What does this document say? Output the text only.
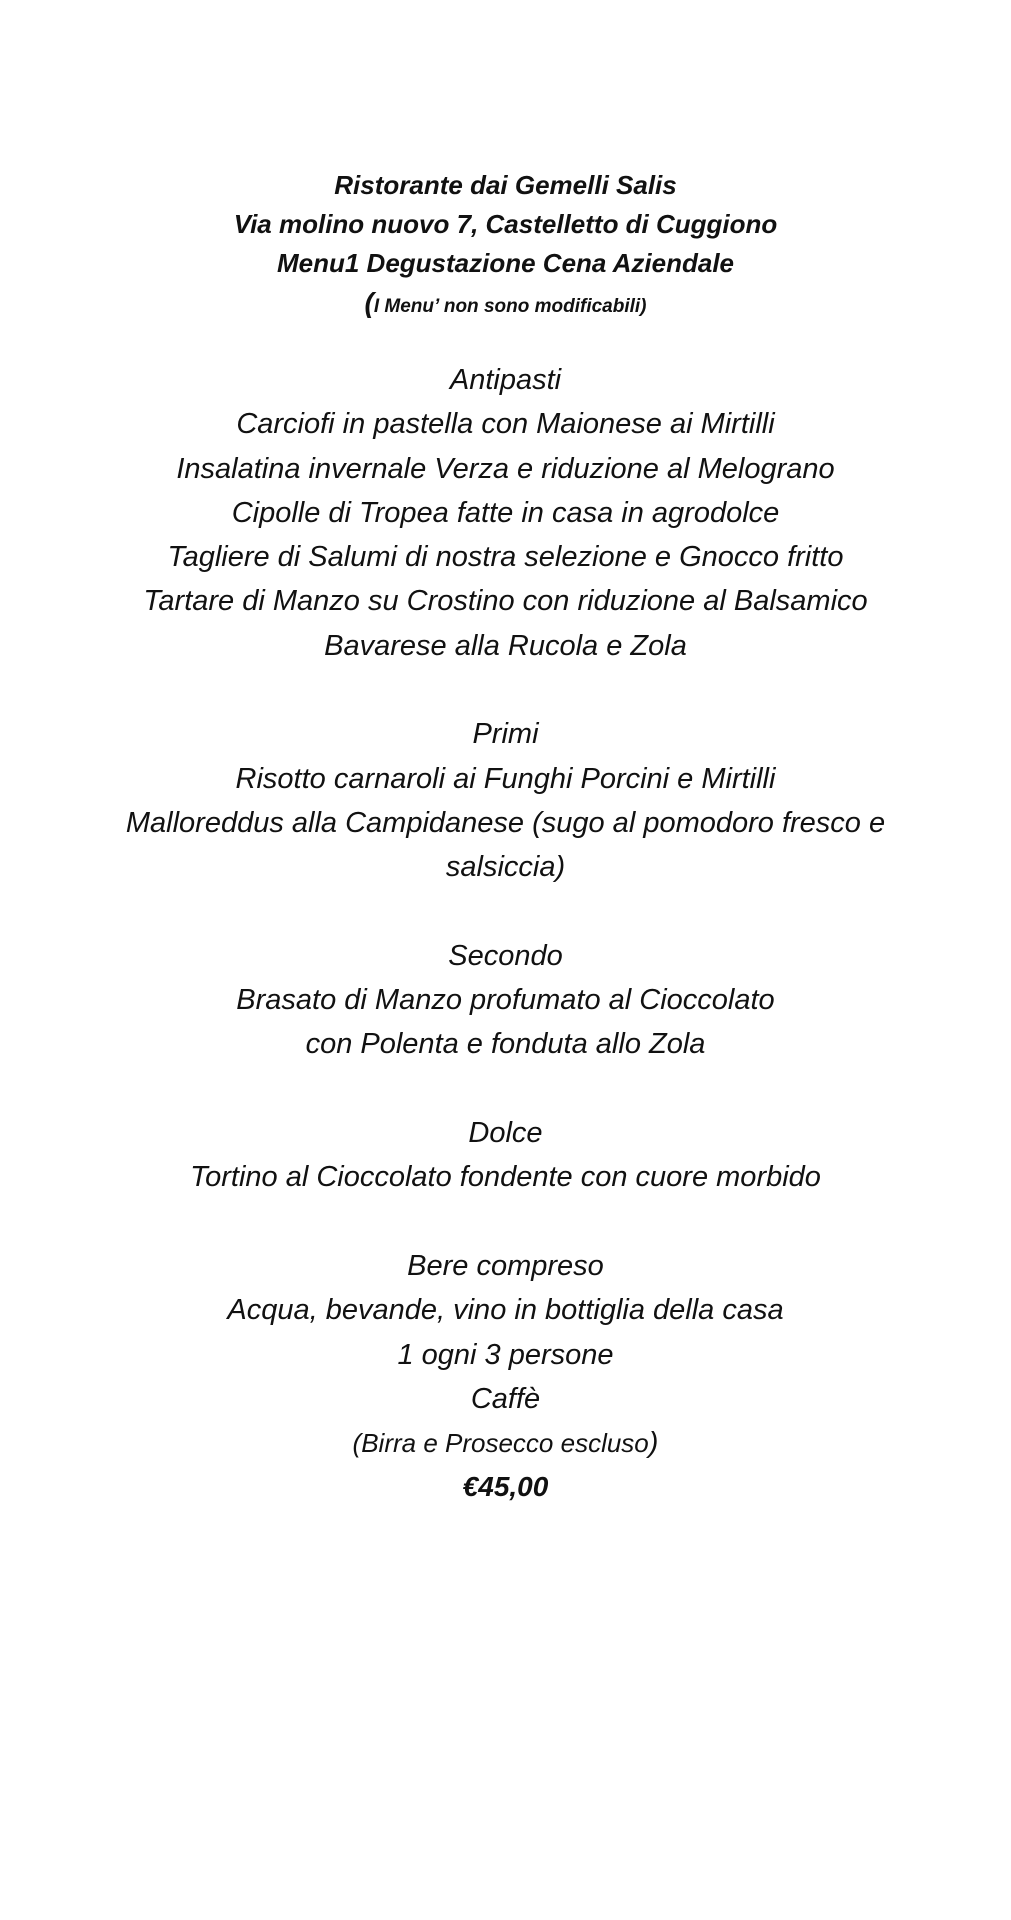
Ristorante dai Gemelli Salis
Via molino nuovo 7, Castelletto di Cuggiono
Menu1 Degustazione Cena Aziendale
(I Menu’ non sono modificabili)
Antipasti
Carciofi in pastella con Maionese ai Mirtilli
Insalatina invernale Verza e riduzione al Melograno
Cipolle di Tropea fatte in casa in agrodolce
Tagliere di Salumi di nostra selezione e Gnocco fritto
Tartare di Manzo su Crostino con riduzione al Balsamico
Bavarese alla Rucola e Zola
Primi
Risotto carnaroli ai Funghi Porcini e Mirtilli
Malloreddus alla Campidanese (sugo al pomodoro fresco e salsiccia)
Secondo
Brasato di Manzo profumato al Cioccolato
con Polenta e fonduta allo Zola
Dolce
Tortino al Cioccolato fondente con cuore morbido
Bere compreso
Acqua, bevande, vino in bottiglia della casa
1 ogni 3 persone
Caffè
(Birra e Prosecco escluso)
€45,00
